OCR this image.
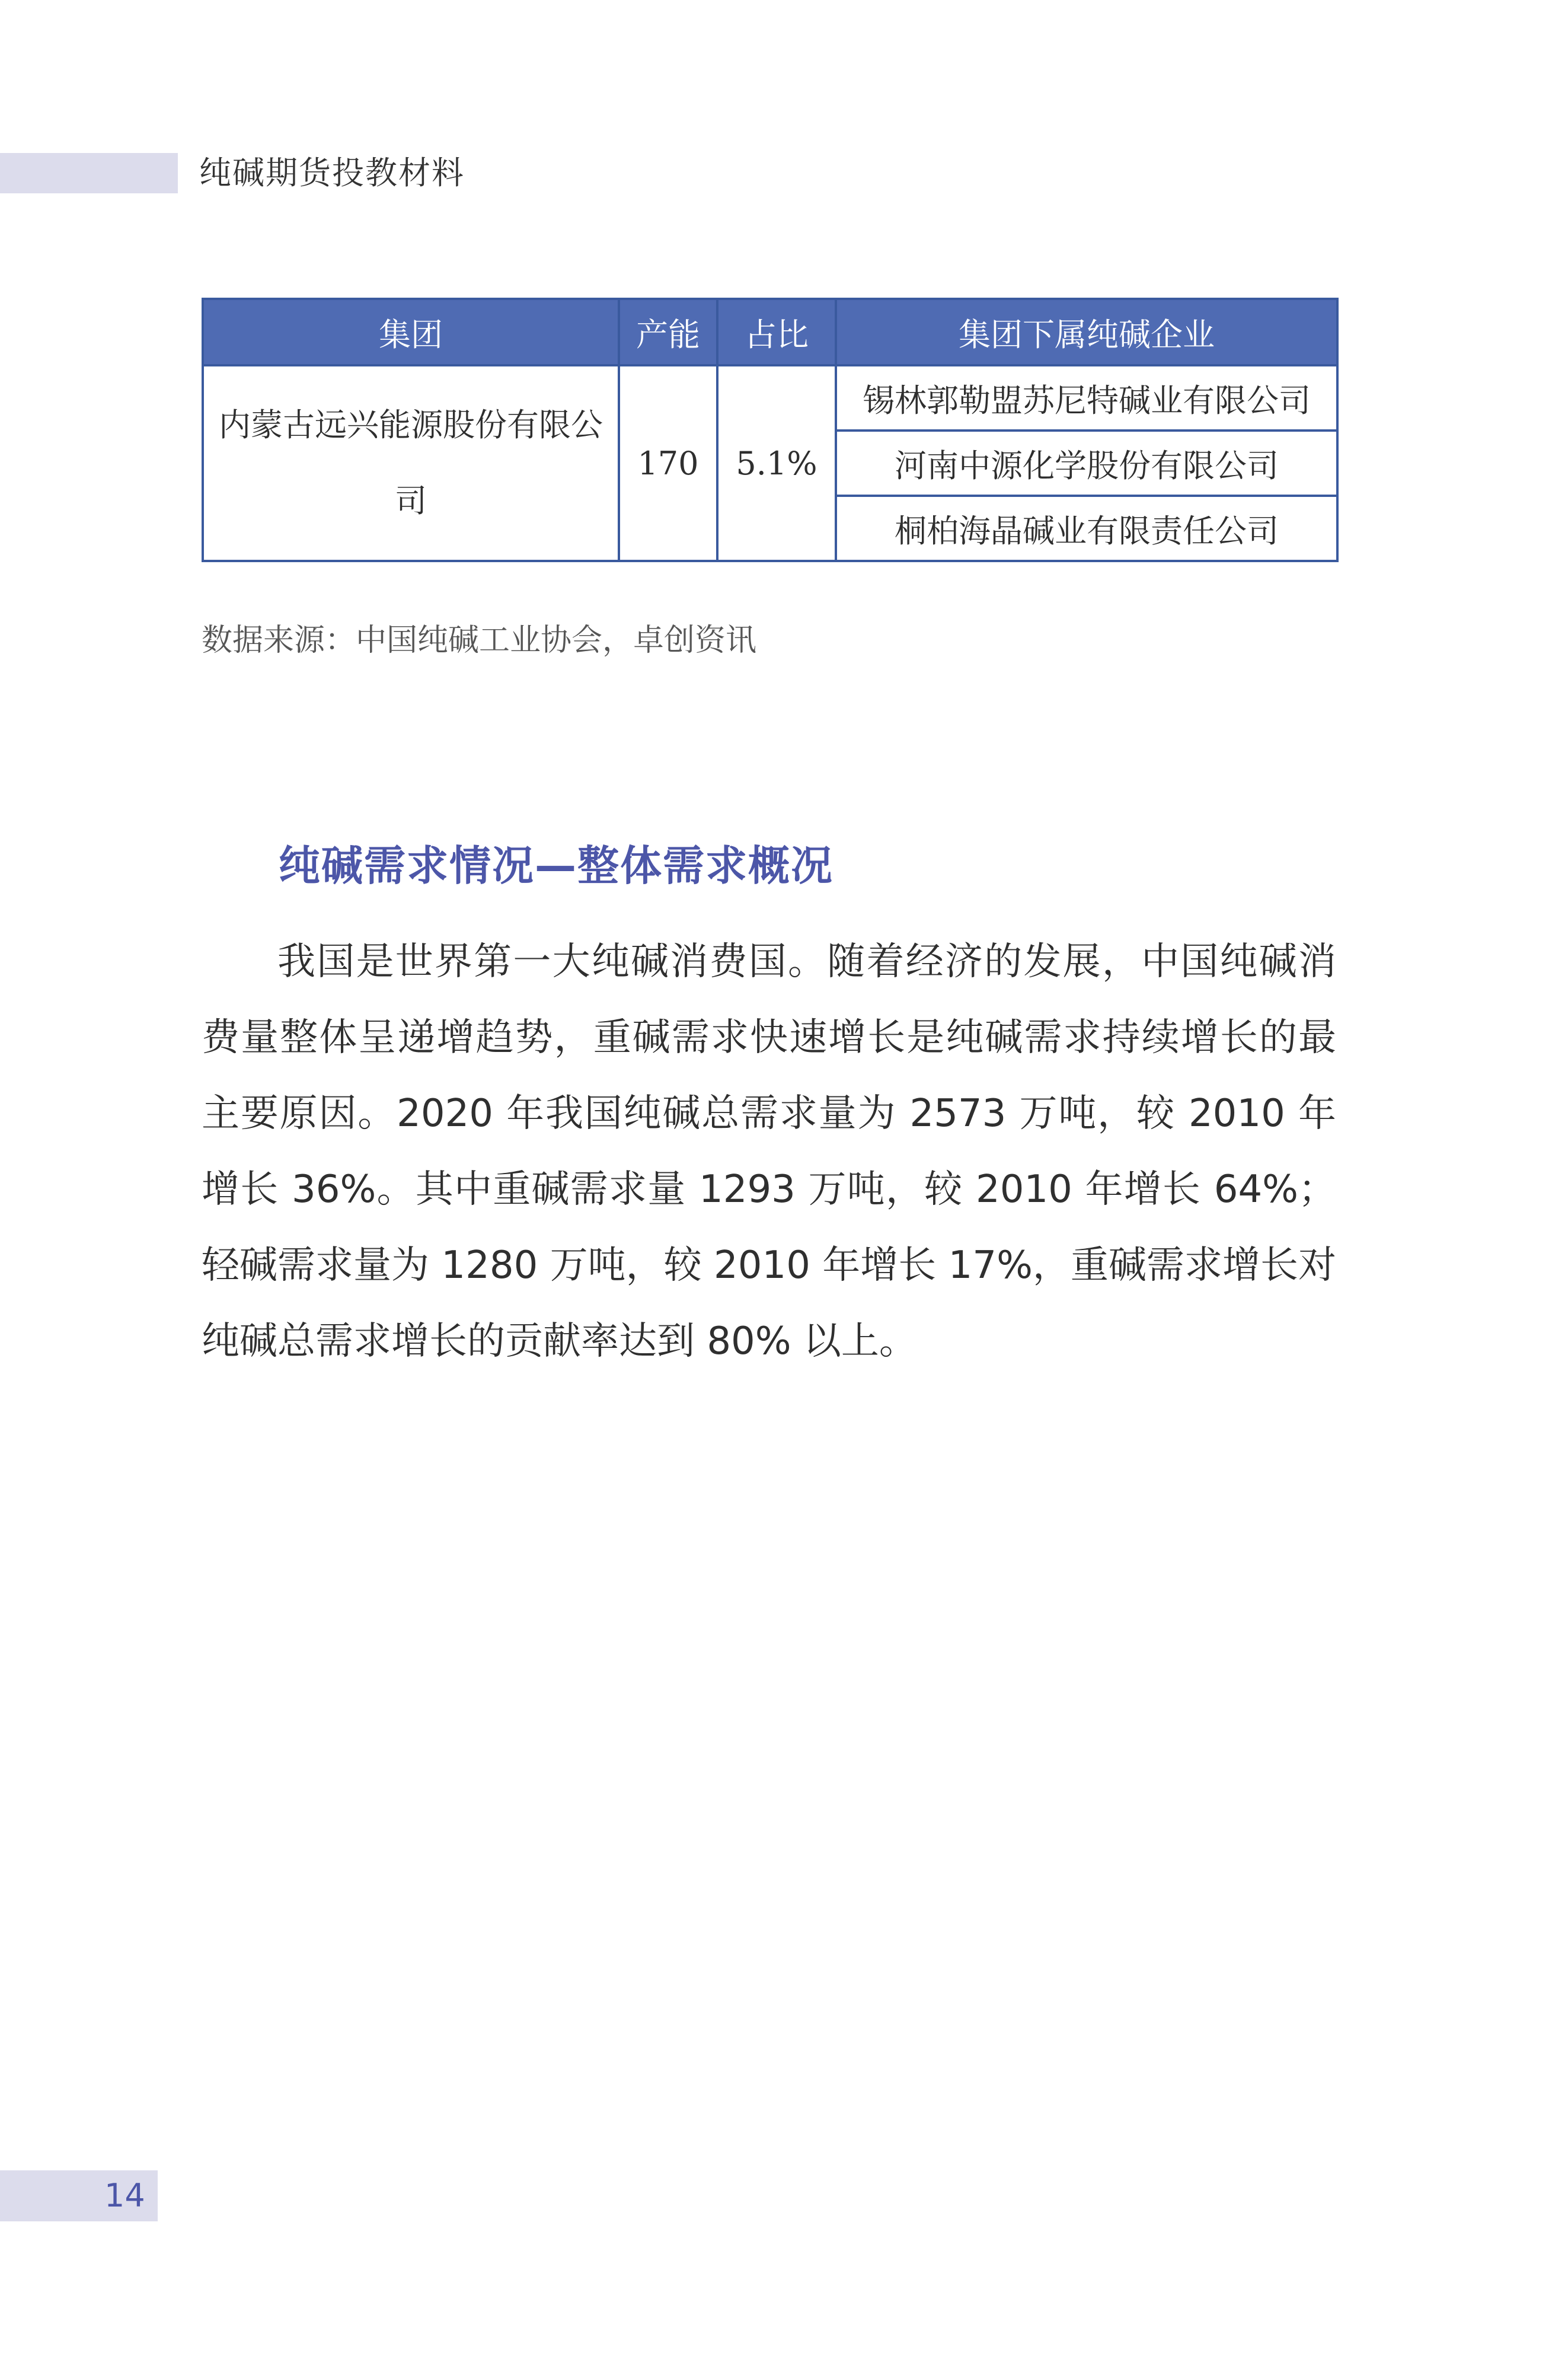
纯碱期货投教材料
集团	产能	占比	集团下属纯碱企业
内蒙古远兴能源股份有限公司	170	5.1%	锡林郭勒盟苏尼特碱业有限公司
			河南中源化学股份有限公司
			桐柏海晶碱业有限责任公司
数据来源：中国纯碱工业协会，卓创资讯
纯碱需求情况—整体需求概况

我国是世界第一大纯碱消费国。随着经济的发展，中国纯碱消费量整体呈递增趋势，重碱需求快速增长是纯碱需求持续增长的最主要原因。2020 年我国纯碱总需求量为 2573 万吨，较 2010 年增长 36%。其中重碱需求量 1293 万吨，较 2010 年增长 64%；轻碱需求量为 1280 万吨，较 2010 年增长 17%，重碱需求增长对纯碱总需求增长的贡献率达到 80% 以上。

14
